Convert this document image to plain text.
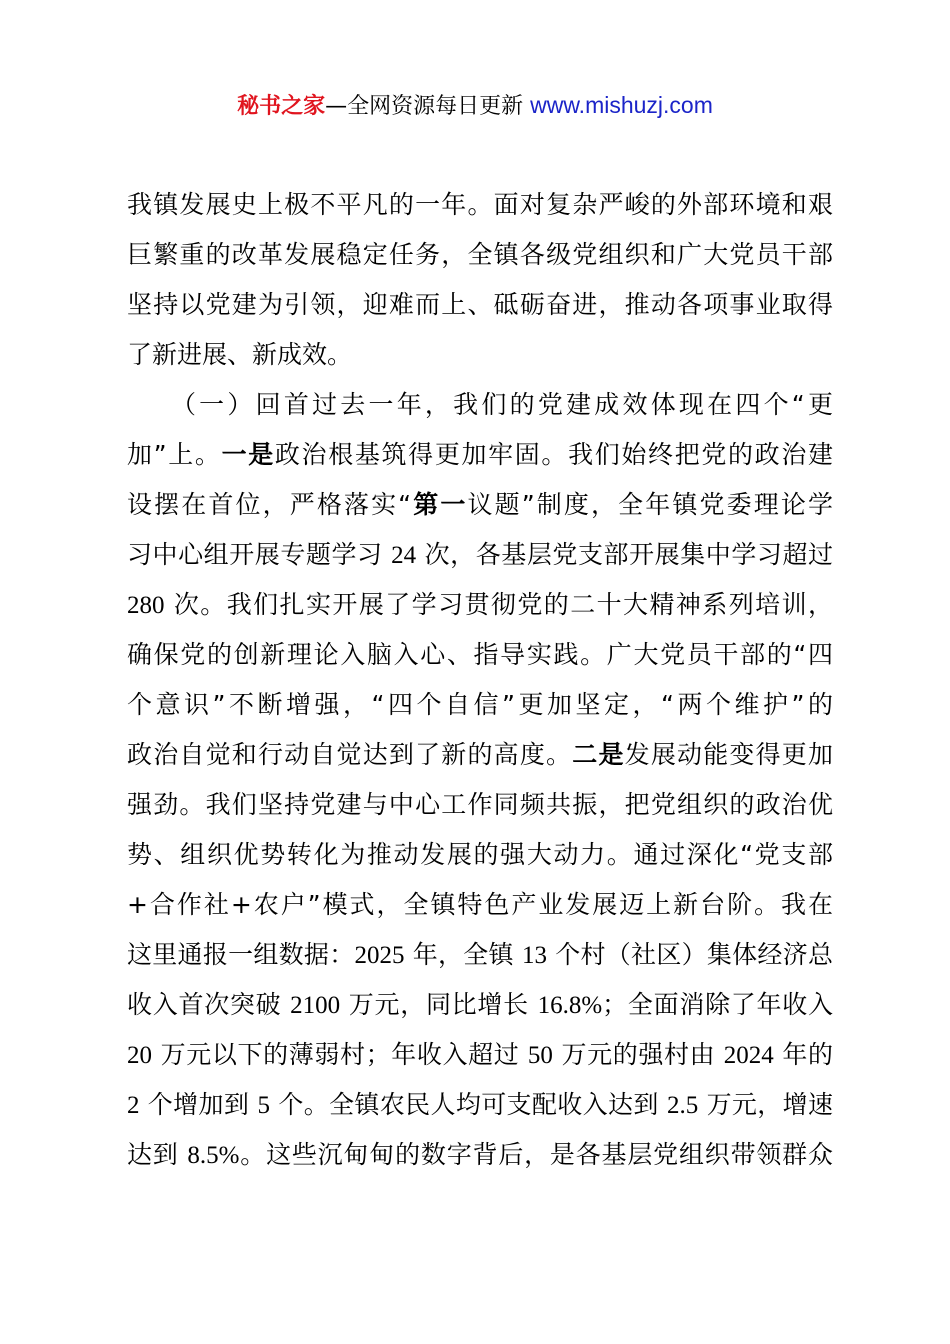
秘书之家—全网资源每日更新 www.mishuzj.com
我镇发展史上极不平凡的一年。面对复杂严峻的外部环境和艰
巨繁重的改革发展稳定任务，全镇各级党组织和广大党员干部
坚持以党建为引领，迎难而上、砥砺奋进，推动各项事业取得
了新进展、新成效。
　　（一）回首过去一年，我们的党建成效体现在四个“更
加”上。一是政治根基筑得更加牢固。我们始终把党的政治建
设摆在首位，严格落实“第一议题”制度，全年镇党委理论学
习中心组开展专题学习 24 次，各基层党支部开展集中学习超过
280 次。我们扎实开展了学习贯彻党的二十大精神系列培训，
确保党的创新理论入脑入心、指导实践。广大党员干部的“四
个意识”不断增强，“四个自信”更加坚定，“两个维护”的
政治自觉和行动自觉达到了新的高度。二是发展动能变得更加
强劲。我们坚持党建与中心工作同频共振，把党组织的政治优
势、组织优势转化为推动发展的强大动力。通过深化“党支部
+合作社+农户”模式，全镇特色产业发展迈上新台阶。我在
这里通报一组数据：2025 年，全镇 13 个村（社区）集体经济总
收入首次突破 2100 万元，同比增长 16.8%；全面消除了年收入
20 万元以下的薄弱村；年收入超过 50 万元的强村由 2024 年的
2 个增加到 5 个。全镇农民人均可支配收入达到 2.5 万元，增速
达到 8.5%。这些沉甸甸的数字背后，是各基层党组织带领群众
